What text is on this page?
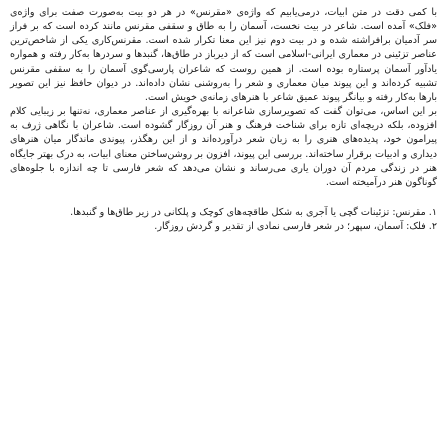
با کمی دقت در متن ابیات، درمی‌یابیم که واژه‌ی «مقرنس» در هر دو بیت به‌صورت صفت برای واژه‌ی «فلک» آمده است. شاعر در بیت نخست، آسمان را به طاق و سقفی مقرنس مانند کرده است که بر فراز سر آدمیان برافراشته شده و در بیت دوم نیز این معنا تکرار شده است. مقرنس‌کاری یکی از شاخص‌ترین عناصر تزئینی در معماری ایرانی-اسلامی است که از دیرباز در طاق‌ها، گنبدها و سردرها به‌کار رفته و همواره یادآور آسمان پرستاره بوده است. از همین روست که شاعران پارسی‌گوی آسمان را به سقفی مقرنس تشبیه کرده‌اند و این پیوند میان معماری و شعر را به‌روشنی نشان داده‌اند. در دیوان حافظ نیز این تصویر بارها به‌کار رفته و بیانگر پیوند عمیق شاعر با هنرهای زمانه‌ی خویش است.

بر این اساس، می‌توان گفت که تصویرسازی شاعرانه با بهره‌گیری از عناصر معماری، نه‌تنها بر زیبایی کلام افزوده، بلکه دریچه‌ای تازه برای شناخت فرهنگ و هنر آن روزگار گشوده است. شاعران با نگاهی ژرف به پیرامون خود، پدیده‌های هنری را به زبان شعر درآورده‌اند و از این رهگذر، پیوندی ماندگار میان هنرهای دیداری و ادبیات برقرار ساخته‌اند. بررسی این پیوند، افزون بر روشن‌ساختن معنای ابیات، به درک بهتر جایگاه هنر در زندگی مردم آن دوران یاری می‌رساند و نشان می‌دهد که شعر فارسی تا چه اندازه با جلوه‌های گوناگون هنر درآمیخته است.

۱. مقرنس: تزئینات گچی یا آجری به شکل طاقچه‌های کوچک و پلکانی در زیر طاق‌ها و گنبدها.
۲. فلک: آسمان، سپهر؛ در شعر فارسی نمادی از تقدیر و گردش روزگار.
